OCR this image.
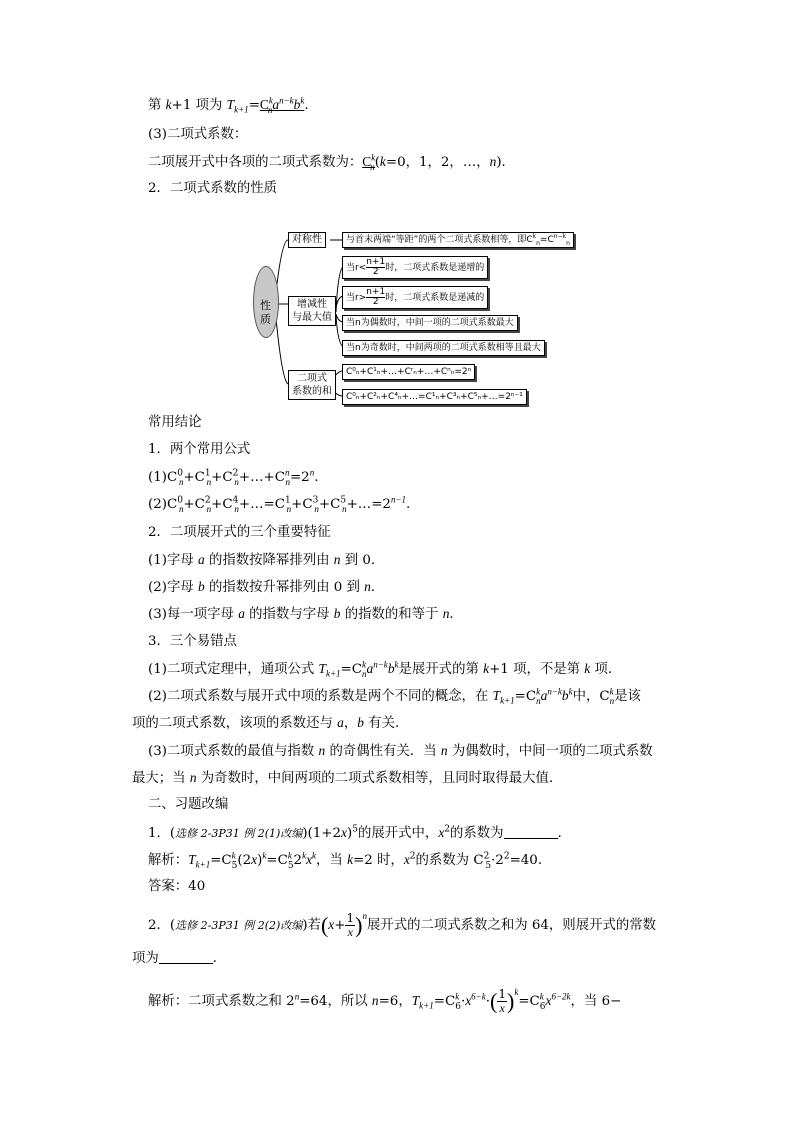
第 k+1 项为 $T_{k+1}=C^k_na^{n-k}b^k$.
(3)二项式系数：
二项展开式中各项的二项式系数为：$C^k_n(k=0$，1，2，…，n)．
2．二项式系数的性质
性
质
对称性	与首末两端“等距”的两个二项式系数相等，即$C^k_n=C^{n-k}_n$
增减性
与最大值
当$r< \frac{n+1}{2}$ 时，二项式系数是递增的
当$r> \frac{n+1}{2}$ 时，二项式系数是递减的
当n为偶数时，中间一项的二项式系数最大
当n为奇数时，中间两项的二项式系数相等且最大
二项式
系数的和
C⁰ₙ+C¹ₙ+…+Cʳₙ+…+Cⁿₙ=2ⁿ
C⁰ₙ+C²ₙ+C⁴ₙ+…=C¹ₙ+C³ₙ+C⁵ₙ+…=2ⁿ⁻¹
常用结论
1．两个常用公式
$(1)C^0_n+C^1_n+C^2_n+\dots+C^n_n=2^n$.
$(2)C^0_n+C^2_n+C^4_n+\dots=C^1_n+C^3_n+C^5_n+\dots=2^{n-1}$.
2．二项展开式的三个重要特征
(1)字母 a 的指数按降幂排列由 n 到 0.
(2)字母 b 的指数按升幂排列由 0 到 n.
(3)每一项字母 a 的指数与字母 b 的指数的和等于 n.
3．三个易错点
(1)二项式定理中，通项公式 $T_{k+1}=C^k_na^{n-k}b^k$是展开式的第 k+1 项，不是第 k 项．
(2)二项式系数与展开式中项的系数是两个不同的概念，在 $T_{k+1}=C^k_na^{n-k}b^k$中，$C^k_n$是该
项的二项式系数，该项的系数还与 a，b 有关．
(3)二项式系数的最值与指数 n 的奇偶性有关．当 n 为偶数时，中间一项的二项式系数
最大；当 n 为奇数时，中间两项的二项式系数相等，且同时取得最大值．
二、习题改编
1．(选修 2-3P31 例 2(1)改编)$(1+2x)^5$的展开式中，$x^2$的系数为	．
解析：$T_{k+1}=C^k_5(2x)^k=C^k_52^kx^k$，当 k=2 时，$x^2$的系数为 $C^2_5\cdot 2^2=40$.
答案：40
2．(选修 2-3P31 例 2(2)改编)若$(x+ \frac{1}{x} )^n$展开式的二项式系数之和为 64，则展开式的常数
项为	．
解析：二项式系数之和 $2^n=64$，所以 n=6，$T_{k+1}=C^k_6\cdot x^{6-k}\cdot( \frac{1}{x} )^k=C^k_6x^{6-2k}$，当 6−
